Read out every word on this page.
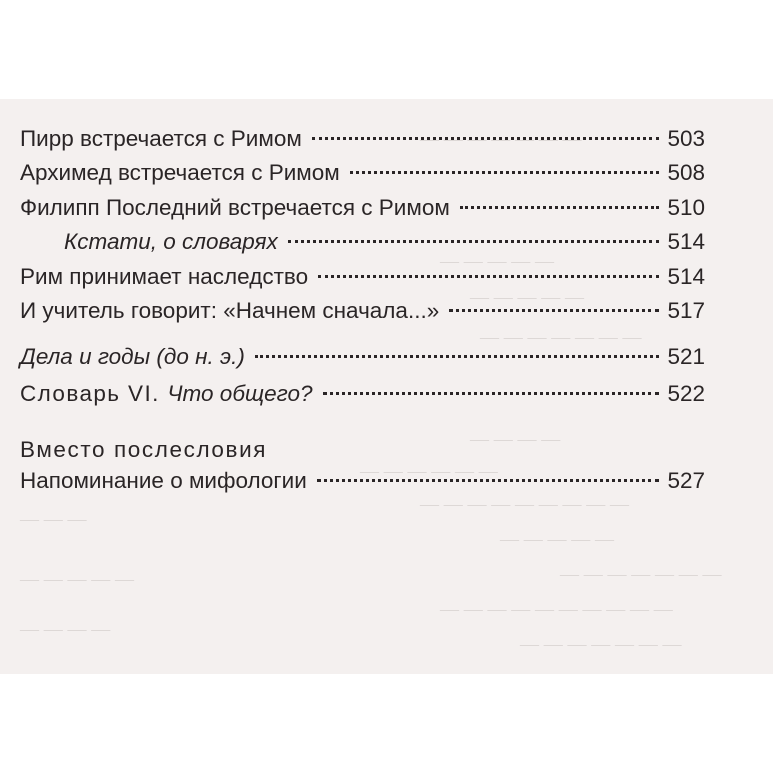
— — — — — — —
— — — — —
— — — — —
— — — — — — —
— — — —
— — — — — —
— — — — — — — — —
— — — — —
— — — — — — —
— — — — — — — — — —
— — — — — — —
— — —
— — — — —
— — — —
Пирр встречается с Римом	503
Архимед встречается с Римом	508
Филипп Последний встречается с Римом	510
Кстати, о словарях	514
Рим принимает наследство	514
И учитель говорит: «Начнем сначала...»	517
Дела и годы (до н. э.)	521
Словарь VI. Что общего?	522
Вместо послесловия
Напоминание о мифологии	527
